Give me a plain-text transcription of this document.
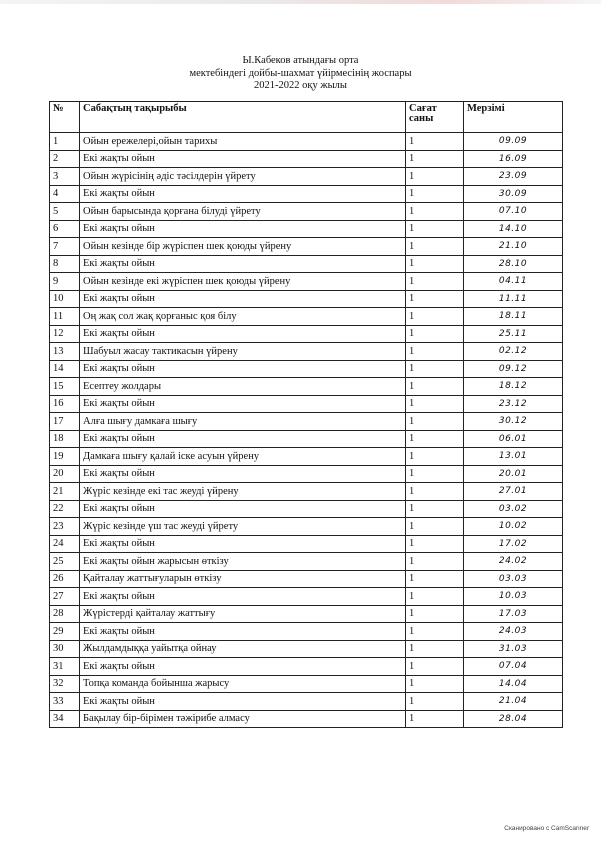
Ы.Кабеков атындағы орта
мектебіндегі дойбы-шахмат үйірмесінің жоспары
2021-2022 оқу жылы
№	Сабақтың тақырыбы	Сағат саны	Мерзімі
1	Ойын ережелері,ойын тарихы	1	09.09
2	Екі жақты ойын	1	16.09
3	Ойын жүрісінің әдіс тәсілдерін үйрету	1	23.09
4	Екі жақты ойын	1	30.09
5	Ойын барысында қорғана білуді үйрету	1	07.10
6	Екі жақты ойын	1	14.10
7	Ойын кезінде бір жүріспен шек қоюды үйрену	1	21.10
8	Екі жақты ойын	1	28.10
9	Ойын кезінде екі жүріспен шек қоюды үйрену	1	04.11
10	Екі жақты ойын	1	11.11
11	Оң жақ сол жақ қорғаныс қоя білу	1	18.11
12	Екі жақты ойын	1	25.11
13	Шабуыл жасау тактикасын үйрену	1	02.12
14	Екі жақты ойын	1	09.12
15	Есептеу жолдары	1	18.12
16	Екі жақты ойын	1	23.12
17	Алға шығу дамкаға шығу	1	30.12
18	Екі жақты ойын	1	06.01
19	Дамкаға шығу қалай іске асуын үйрену	1	13.01
20	Екі жақты ойын	1	20.01
21	Жүріс кезінде екі тас жеуді үйрену	1	27.01
22	Екі жақты ойын	1	03.02
23	Жүріс кезінде үш тас жеуді үйрету	1	10.02
24	Екі жақты ойын	1	17.02
25	Екі жақты ойын жарысын өткізу	1	24.02
26	Қайталау жаттығуларын өткізу	1	03.03
27	Екі жақты ойын	1	10.03
28	Жүрістерді қайталау жаттығу	1	17.03
29	Екі жақты ойын	1	24.03
30	Жылдамдыққа уайытқа ойнау	1	31.03
31	Екі жақты ойын	1	07.04
32	Топқа команда бойынша жарысу	1	14.04
33	Екі жақты ойын	1	21.04
34	Бақылау бір-бірімен тәжірибе алмасу	1	28.04
Сканировано с CamScanner
